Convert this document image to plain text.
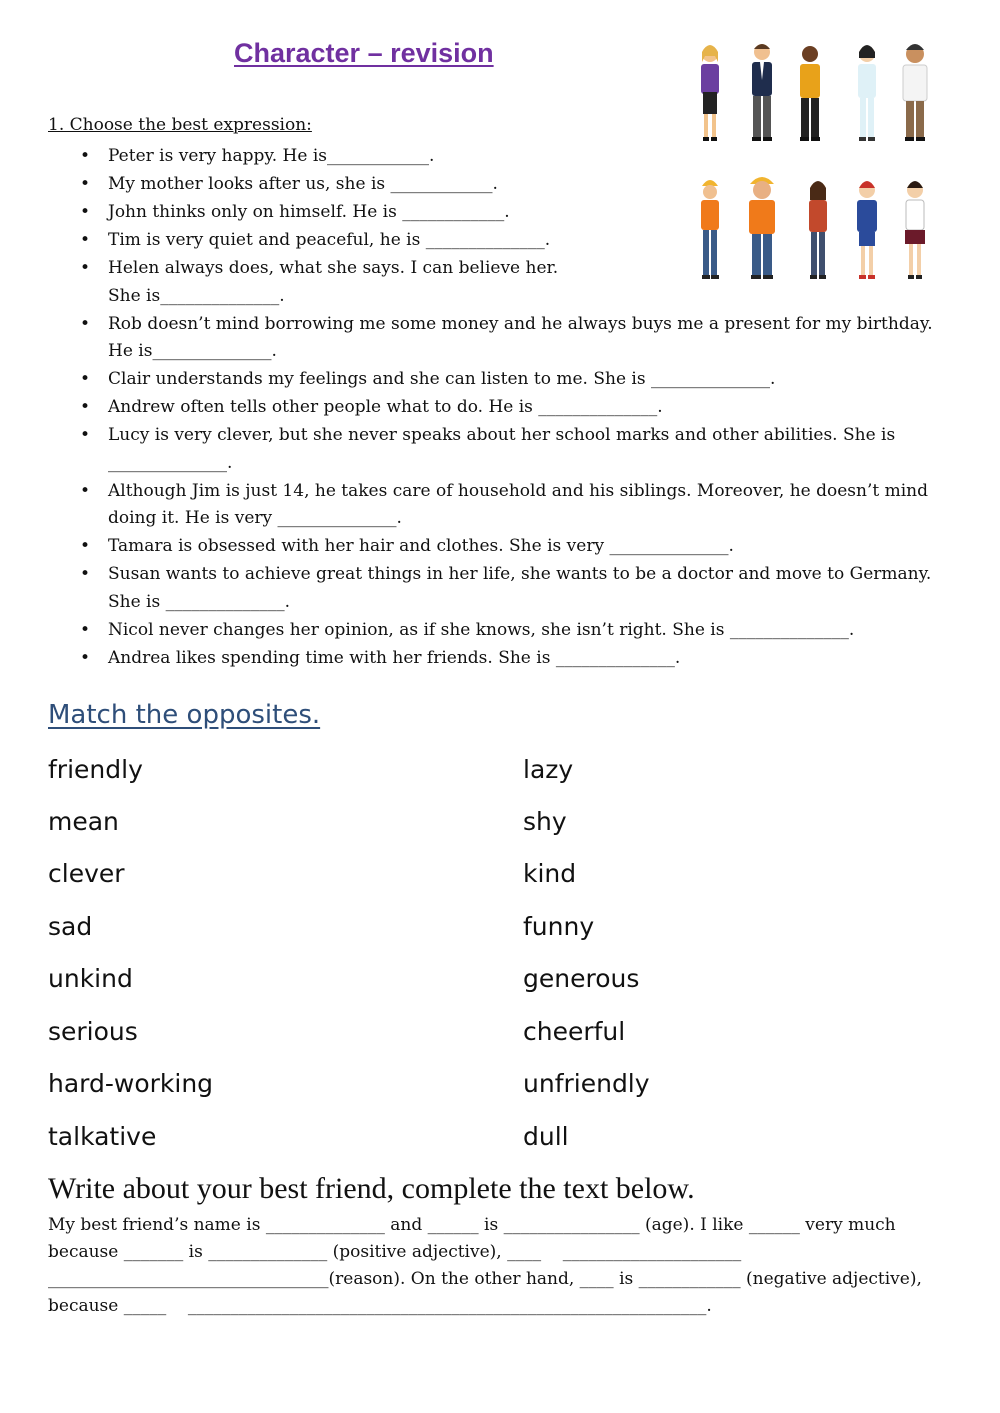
Character – revision

1. Choose the best expression:

• Peter is very happy. He is____________.
• My mother looks after us, she is ____________.
• John thinks only on himself. He is ____________.
• Tim is very quiet and peaceful, he is ______________.
• Helen always does, what she says. I can believe her. She is______________.
• Rob doesn’t mind borrowing me some money and he always buys me a present for my birthday. He is______________.
• Clair understands my feelings and she can listen to me. She is ______________.
• Andrew often tells other people what to do. He is ______________.
• Lucy is very clever, but she never speaks about her school marks and other abilities. She is ______________.
• Although Jim is just 14, he takes care of household and his siblings. Moreover, he doesn’t mind doing it. He is very ______________.
• Tamara is obsessed with her hair and clothes. She is very ______________.
• Susan wants to achieve great things in her life, she wants to be a doctor and move to Germany. She is ______________.
• Nicol never changes her opinion, as if she knows, she isn’t right. She is ______________.
• Andrea likes spending time with her friends. She is ______________.
Match the opposites.

friendly

mean

clever

sad

unkind

serious

hard-working

talkative

lazy

shy

kind

funny

generous

cheerful

unfriendly

dull

Write about your best friend, complete the text below.
My best friend’s name is ______________ and ______ is ________________ (age). I like ______ very much
because _______ is ______________ (positive adjective), ____    _____________________
_________________________________(reason). On the other hand, ____ is ____________ (negative adjective),
because _____    _____________________________________________________________.
